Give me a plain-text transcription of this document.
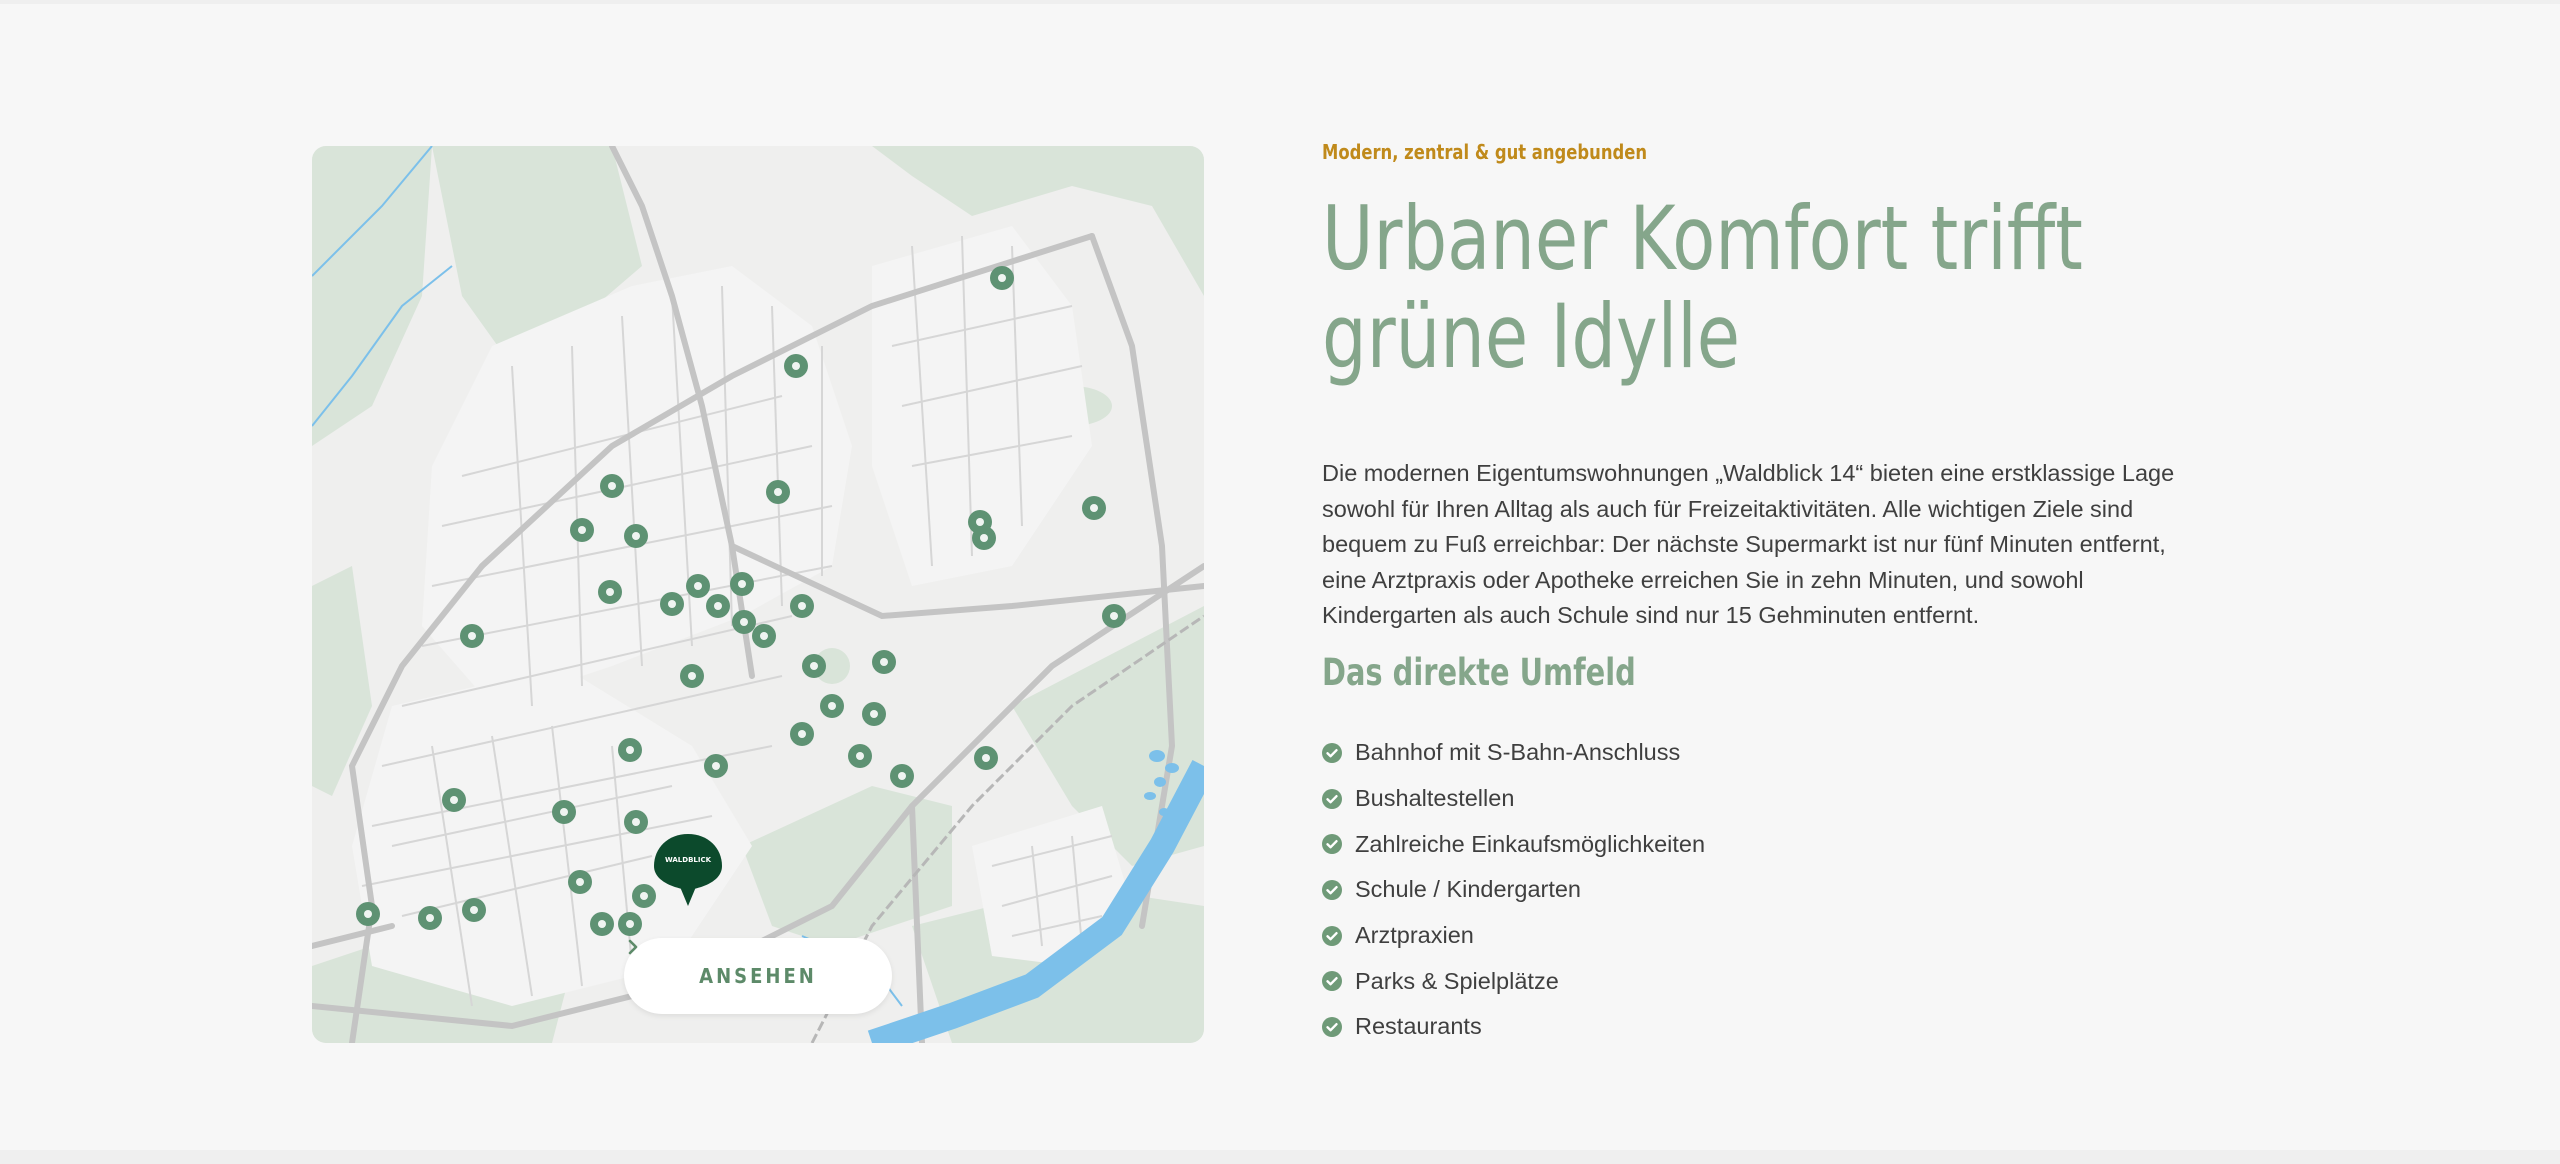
WALDBLICK
ANSEHEN
Modern, zentral & gut angebunden
Urbaner Komfort trifft
grüne Idylle

Die modernen Eigentumswohnungen „Waldblick 14“ bieten eine erstklassige Lage sowohl für Ihren Alltag als auch für Freizeitaktivitäten. Alle wichtigen Ziele sind bequem zu Fuß erreichbar: Der nächste Supermarkt ist nur fünf Minuten entfernt, eine Arztpraxis oder Apotheke erreichen Sie in zehn Minuten, und sowohl Kindergarten als auch Schule sind nur 15 Gehminuten entfernt.

Das direkte Umfeld
Bahnhof mit S-Bahn-Anschluss
Bushaltestellen
Zahlreiche Einkaufsmöglichkeiten
Schule / Kindergarten
Arztpraxien
Parks & Spielplätze
Restaurants
